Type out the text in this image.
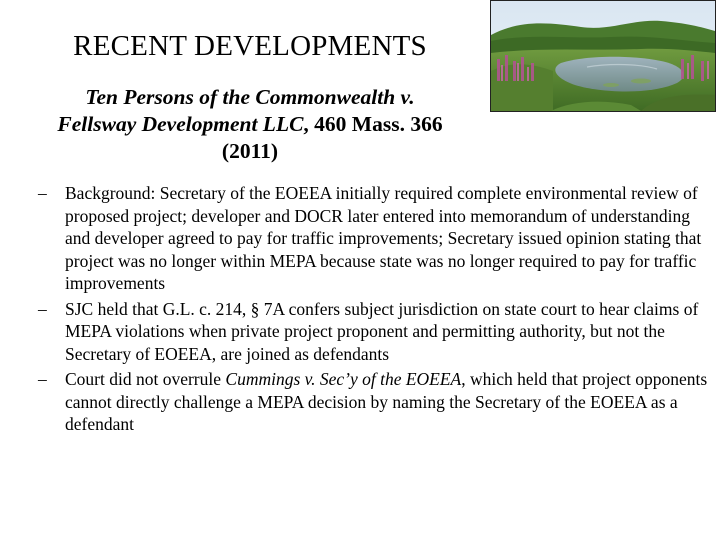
RECENT DEVELOPMENTS
Ten Persons of the Commonwealth v.
Fellsway Development LLC, 460 Mass. 366
(2011)
– Background: Secretary of the EOEEA initially required complete environmental review of proposed project; developer and DOCR later entered into memorandum of understanding and developer agreed to pay for traffic improvements; Secretary issued opinion stating that project was no longer within MEPA because state was no longer required to pay for traffic improvements
– SJC held that G.L. c. 214, § 7A confers subject jurisdiction on state court to hear claims of MEPA violations when private project proponent and permitting authority, but not the Secretary of EOEEA, are joined as defendants
– Court did not overrule Cummings v. Sec’y of the EOEEA, which held that project opponents cannot directly challenge a MEPA decision by naming the Secretary of the EOEEA as a defendant
